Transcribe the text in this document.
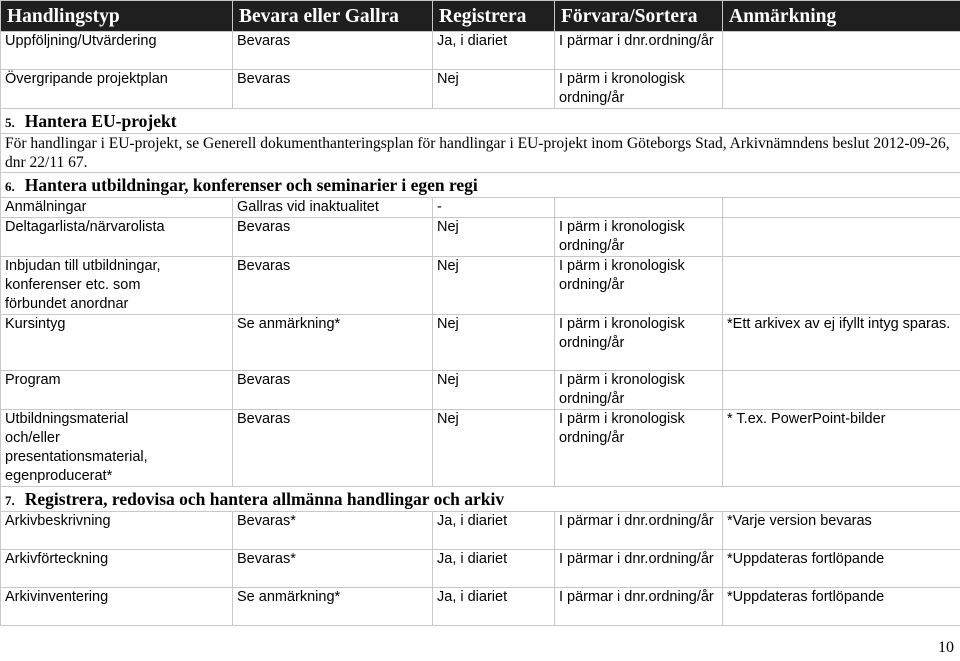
Handlingstyp	Bevara eller Gallra	Registrera	Förvara/Sortera	Anmärkning
Uppföljning/Utvärdering	Bevaras	Ja, i diariet	I pärmar i dnr.ordning/år	
Övergripande projektplan	Bevaras	Nej	I pärm i kronologisk ordning/år	
5. Hantera EU-projekt				
För handlingar i EU-projekt, se Generell dokumenthanteringsplan för handlingar i EU-projekt inom Göteborgs Stad, Arkivnämndens beslut 2012-09-26, dnr 22/11 67.				
6. Hantera utbildningar, konferenser och seminarier i egen regi				
Anmälningar	Gallras vid inaktualitet	-		
Deltagarlista/närvarolista	Bevaras	Nej	I pärm i kronologisk ordning/år	
Inbjudan till utbildningar, konferenser etc. som förbundet anordnar	Bevaras	Nej	I pärm i kronologisk ordning/år	
Kursintyg	Se anmärkning*	Nej	I pärm i kronologisk ordning/år	*Ett arkivex av ej ifyllt intyg sparas.
Program	Bevaras	Nej	I pärm i kronologisk ordning/år	
Utbildningsmaterial och/eller presentationsmaterial, egenproducerat*	Bevaras	Nej	I pärm i kronologisk ordning/år	* T.ex. PowerPoint-bilder
7. Registrera, redovisa och hantera allmänna handlingar och arkiv				
Arkivbeskrivning	Bevaras*	Ja, i diariet	I pärmar i dnr.ordning/år	*Varje version bevaras
Arkivförteckning	Bevaras*	Ja, i diariet	I pärmar i dnr.ordning/år	*Uppdateras fortlöpande
Arkivinventering	Se anmärkning*	Ja, i diariet	I pärmar i dnr.ordning/år	*Uppdateras fortlöpande
10
